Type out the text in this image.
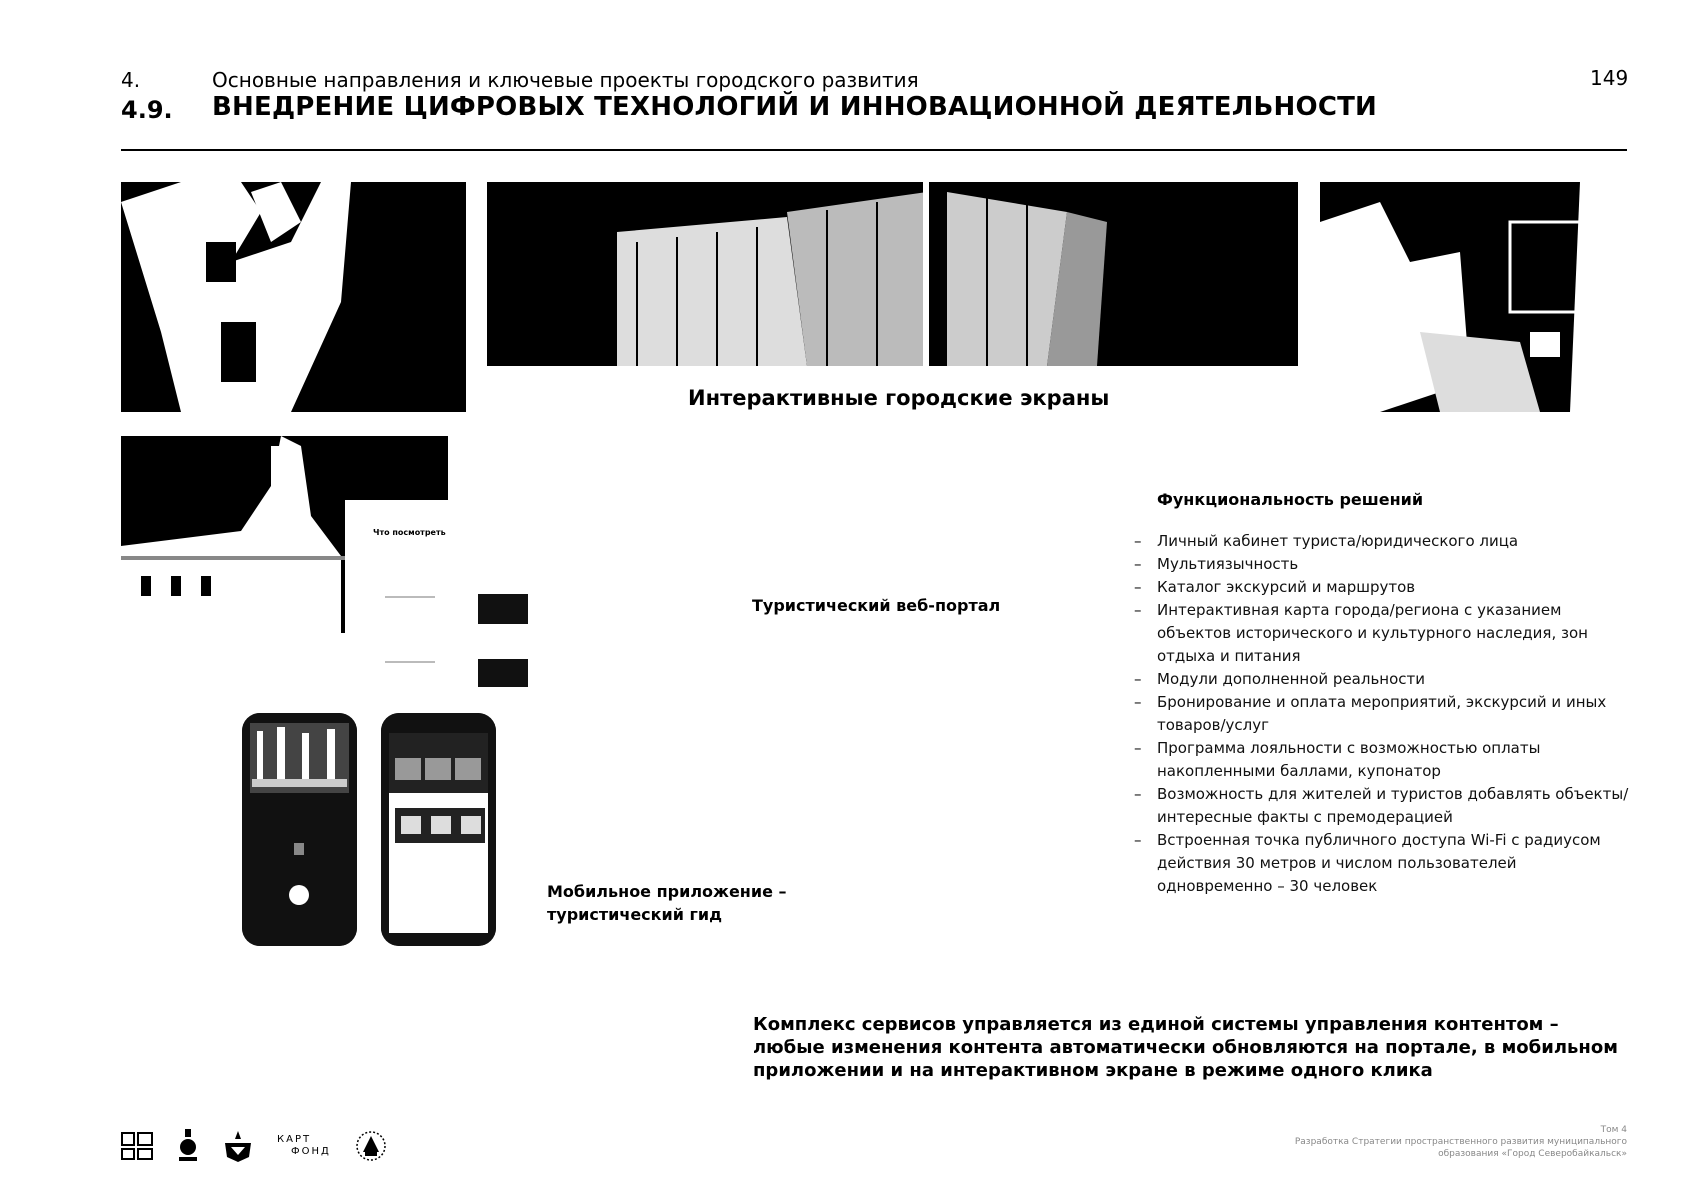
4.	Основные направления и ключевые проекты городского развития
4.9. ВНЕДРЕНИЕ ЦИФРОВЫХ ТЕХНОЛОГИЙ И ИННОВАЦИОННОЙ ДЕЯТЕЛЬНОСТИ
149
Интерактивные городские экраны
Что посмотреть
Туристический веб-портал
Мобильное приложение –
туристический гид
Функциональность решений
– Личный кабинет туриста/юридического лица
– Мультиязычность
– Каталог экскурсий и маршрутов
– Интерактивная карта города/региона с указанием объектов исторического и культурного наследия, зон отдыха и питания
– Модули дополненной реальности
– Бронирование и оплата мероприятий, экскурсий и иных товаров/услуг
– Программа лояльности с возможностью оплаты накопленными баллами, купонатор
– Возможность для жителей и туристов добавлять объекты/интересные факты с премодерацией
– Встроенная точка публичного доступа Wi-Fi с радиусом действия 30 метров и числом пользователей одновременно – 30 человек
Комплекс сервисов управляется из единой системы управления контентом –
любые изменения контента автоматически обновляются на портале, в мобильном
приложении и на интерактивном экране в режиме одного клика
КАРТ
ФОНД
Том 4
Разработка Стратегии пространственного развития муниципального
образования «Город Северобайкальск»
